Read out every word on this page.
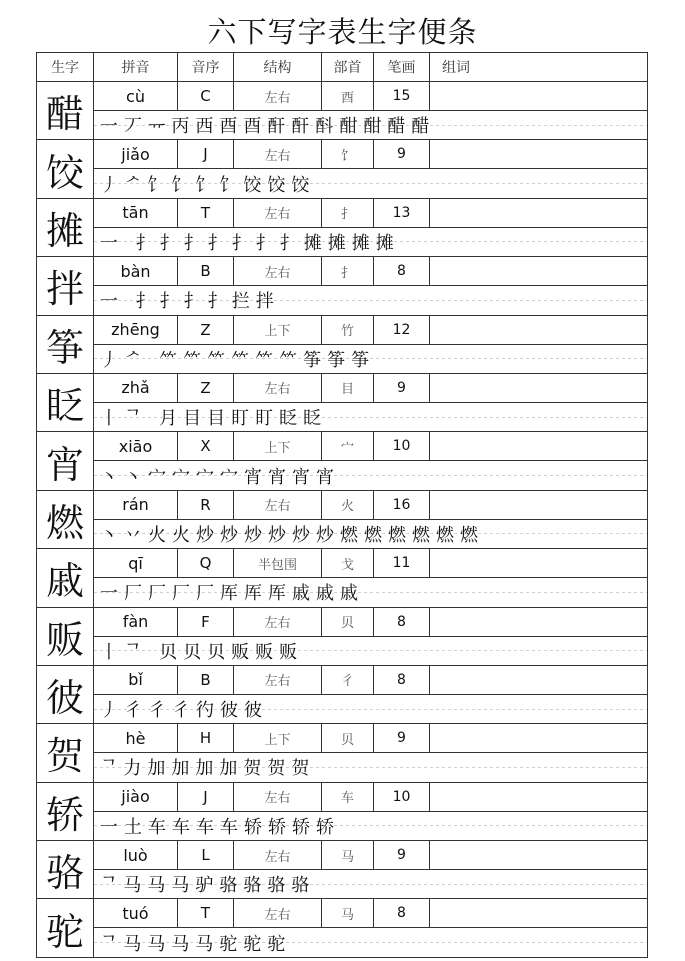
六下写字表生字便条
生字	拼音	音序	结构	部首	笔画	组词
醋	cù	C	左右	酉	15
一丆ᅲ丙西酉酉酐酐酙酣酣醋醋
饺	jiǎo	J	左右	饣	9
丿ᄼ饣饣饣饣饺饺饺
摊	tān	T	左右	扌	13
一 扌扌扌扌扌扌扌摊摊摊摊
拌	bàn	B	左右	扌	8
一 扌扌扌扌拦拌
筝	zhēng	Z	上下	竹	12
丿ᄼ ⺮⺮⺮⺮⺮⺮筝筝筝
眨	zhǎ	Z	左右	目	9
丨ᄀ 月目目盯盯眨眨
宵	xiāo	X	上下	宀	10
丶丶宀宀宀宀宵宵宵宵
燃	rán	R	左右	火	16
丶丷火火炒炒炒炒炒炒燃燃燃燃燃燃
戚	qī	Q	半包围	戈	11
一厂厂厂厂厍厍厍戚戚戚
贩	fàn	F	左右	贝	8
丨ᄀ 贝贝贝贩贩贩
彼	bǐ	B	左右	彳	8
丿彳彳彳彴彼彼
贺	hè	H	上下	贝	9
ᄀ力加加加加贺贺贺
轿	jiào	J	左右	车	10
一土车车车车轿轿轿轿
骆	luò	L	左右	马	9
ᄀ马马马驴骆骆骆骆
驼	tuó	T	左右	马	8
ᄀ马马马马驼驼驼
